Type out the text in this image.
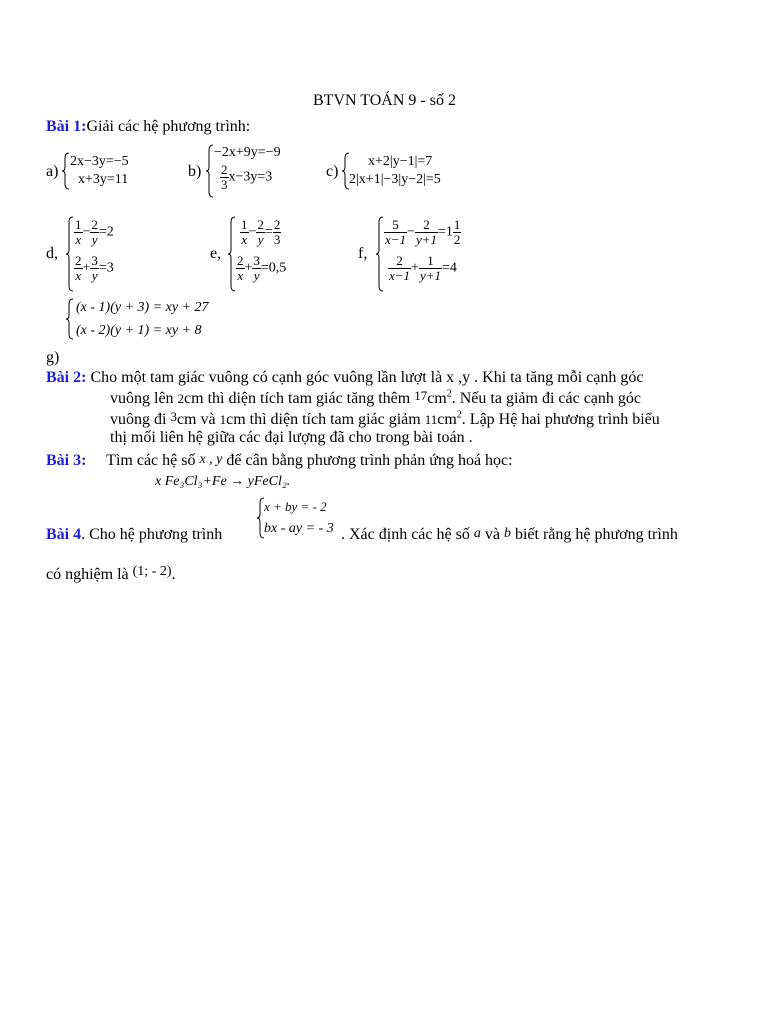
BTVN TOÁN 9 - số 2
Bài 1:Giải các hệ phương trình:
a)
2x−3y=−5
x+3y=11	b)
−2x+9y=−9
$\frac{2}{3} x-3y=3$	c)
x+2|y−1|=7
2|x+1|−3|y−2|=5
d,
$\frac{1}{x} - \frac{2}{y} =2$
$\frac{2}{x} + \frac{3}{y} =3$
e,
$\frac{1}{x} - \frac{2}{y} = \frac{2}{3}$
$\frac{2}{x} + \frac{3}{y} =0,5$
f,
$\frac{5}{x-1} - \frac{2}{y+1} =1 \frac{1}{2}$
$\frac{2}{x-1} + \frac{1}{y+1} =4$
(x - 1)(y + 3) = xy + 27
(x - 2)(y + 1) = xy + 8
g)
Bài 2: Cho một tam giác vuông có cạnh góc vuông lần lượt là x ,y . Khi ta tăng mỗi cạnh góc
vuông lên 2cm thì diện tích tam giác tăng thêm $17cm^2$. Nếu ta giảm đi các cạnh góc
vuông đi 3cm và 1cm thì diện tích tam giác giảm $11cm^2$. Lập Hệ hai phương trình biểu
thị mối liên hệ giữa các đại lượng đã cho trong bài toán .
Bài 3: Tìm các hệ số x , y để cân bằng phương trình phản ứng hoá học:
x Fe₃Cl₃+Fe → yFeCl₂.
x + by = - 2
bx - ay = - 3
Bài 4. Cho hệ phương trình	. Xác định các hệ số a và b biết rằng hệ phương trình
có nghiệm là (1; - 2).
